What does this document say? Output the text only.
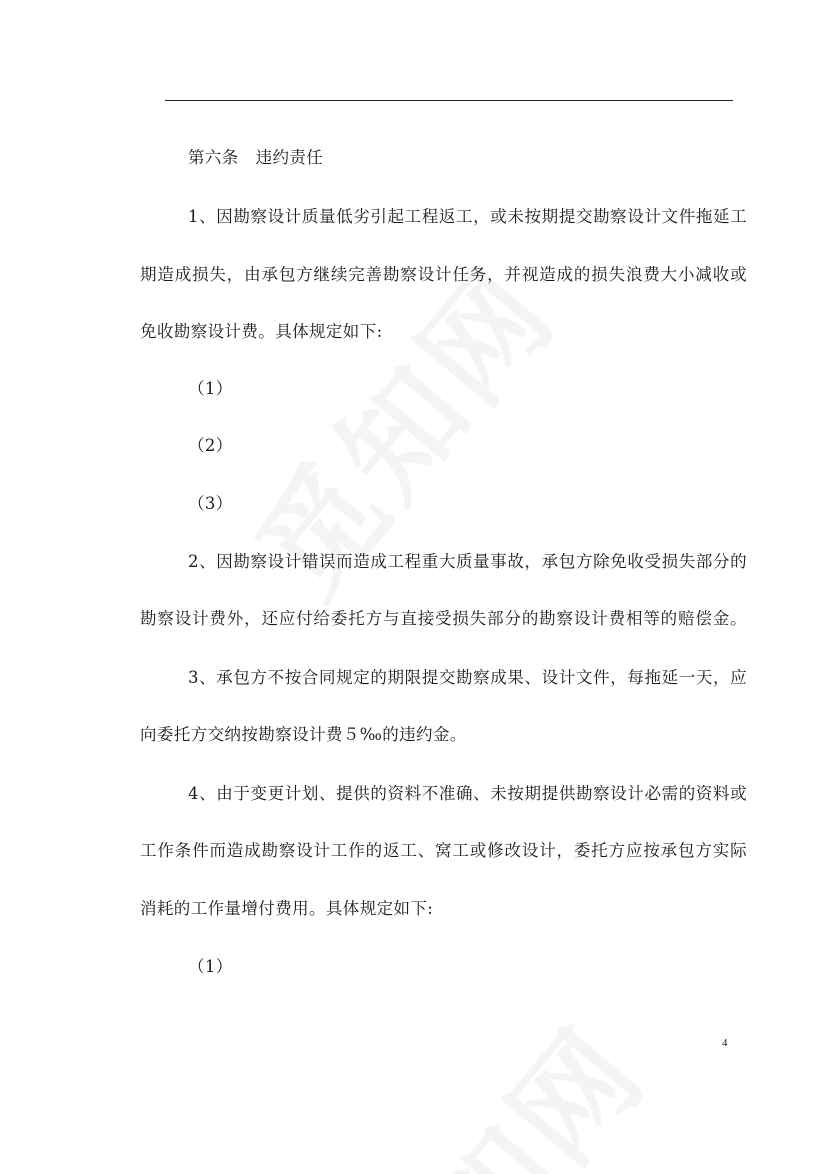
第六条　违约责任
1、因勘察设计质量低劣引起工程返工，或未按期提交勘察设计文件拖延工
期造成损失，由承包方继续完善勘察设计任务，并视造成的损失浪费大小减收或
免收勘察设计费。具体规定如下:
（1）
（2）
（3）
2、因勘察设计错误而造成工程重大质量事故，承包方除免收受损失部分的
勘察设计费外，还应付给委托方与直接受损失部分的勘察设计费相等的赔偿金。
3、承包方不按合同规定的期限提交勘察成果、设计文件，每拖延一天，应
向委托方交纳按勘察设计费５‰的违约金。
4、由于变更计划、提供的资料不准确、未按期提供勘察设计必需的资料或
工作条件而造成勘察设计工作的返工、窝工或修改设计，委托方应按承包方实际
消耗的工作量增付费用。具体规定如下:
（1）
4
